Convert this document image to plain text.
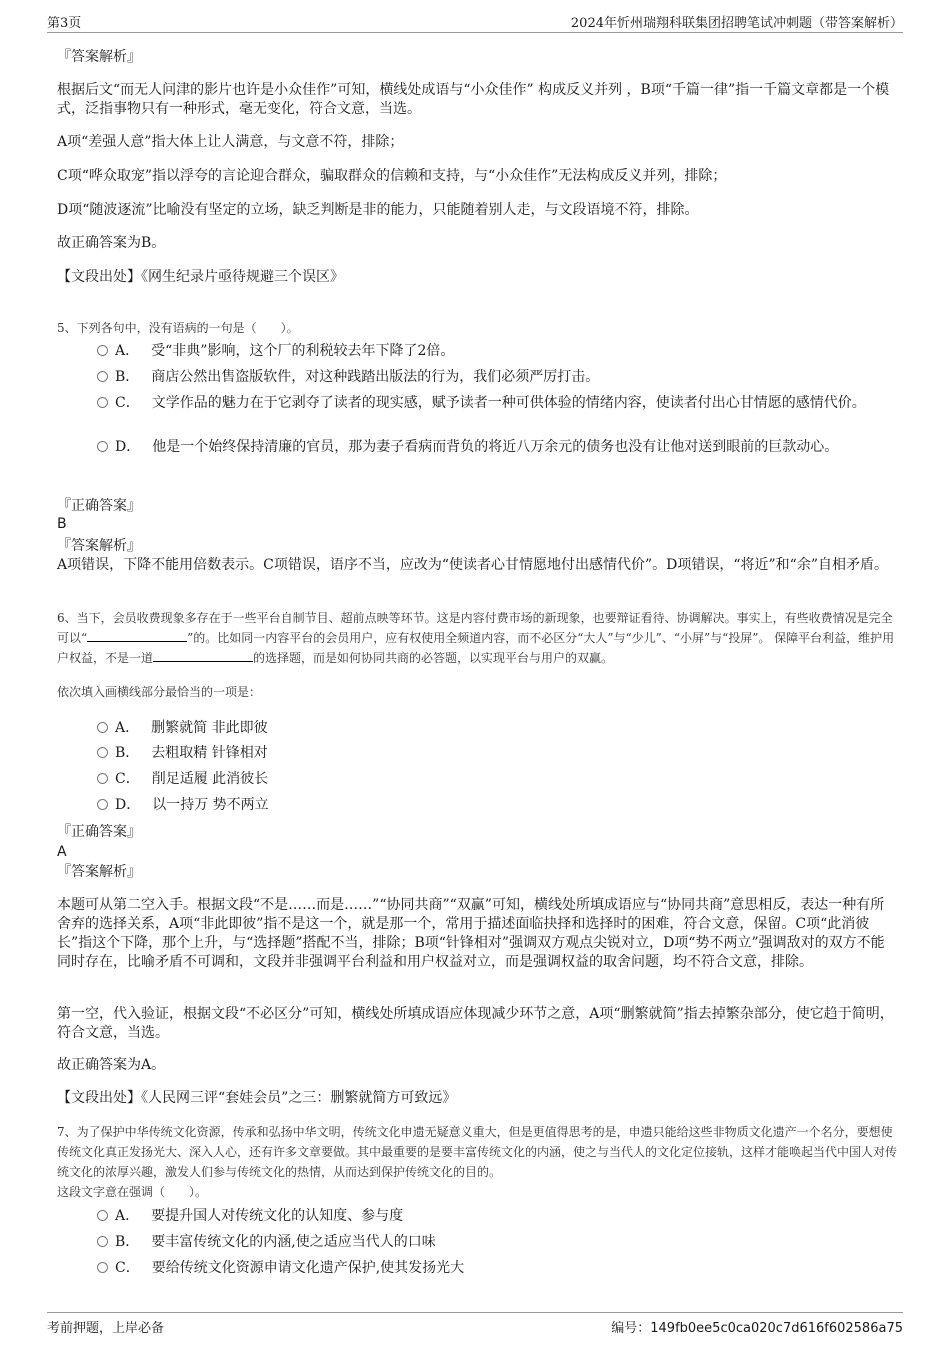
第3页	2024年忻州瑞翔科联集团招聘笔试冲刺题（带答案解析）
『答案解析』
根据后文“而无人问津的影片也许是小众佳作”可知，横线处成语与“小众佳作” 构成反义并列 ，B项“千篇一律”指一千篇文章都是一个模式，泛指事物只有一种形式，毫无变化，符合文意，当选。
A项“差强人意”指大体上让人满意，与文意不符，排除；
C项“哗众取宠”指以浮夸的言论迎合群众，骗取群众的信赖和支持，与“小众佳作”无法构成反义并列，排除；
D项“随波逐流”比喻没有坚定的立场，缺乏判断是非的能力，只能随着别人走，与文段语境不符，排除。
故正确答案为B。
【文段出处】《网生纪录片亟待规避三个误区》
5、下列各句中，没有语病的一句是（　　）。
A． 受“非典”影响，这个厂的利税较去年下降了2倍。
B． 商店公然出售盗版软件，对这种践踏出版法的行为，我们必须严厉打击。
C． 文学作品的魅力在于它剥夺了读者的现实感，赋予读者一种可供体验的情绪内容，使读者付出心甘情愿的感情代价。
D． 他是一个始终保持清廉的官员，那为妻子看病而背负的将近八万余元的债务也没有让他对送到眼前的巨款动心。
『正确答案』
B
『答案解析』
A项错误，下降不能用倍数表示。C项错误，语序不当，应改为“使读者心甘情愿地付出感情代价”。D项错误，“将近”和“余”自相矛盾。
6、当下，会员收费现象多存在于一些平台自制节目、超前点映等环节。这是内容付费市场的新现象，也要辩证看待、协调解决。事实上，有些收费情况是完全可以“	”的。比如同一内容平台的会员用户，应有权使用全频道内容，而不必区分“大人”与“少儿”、“小屏”与“投屏”。 保障平台利益，维护用户权益，不是一道	的选择题，而是如何协同共商的必答题，以实现平台与用户的双赢。
依次填入画横线部分最恰当的一项是：
A． 删繁就简 非此即彼
B． 去粗取精 针锋相对
C． 削足适履 此消彼长
D． 以一持万 势不两立
『正确答案』
A
『答案解析』
本题可从第二空入手。根据文段“不是……而是……”“协同共商”“双赢”可知，横线处所填成语应与“协同共商”意思相反，表达一种有所舍弃的选择关系，A项“非此即彼”指不是这一个，就是那一个，常用于描述面临抉择和选择时的困难，符合文意，保留。C项“此消彼长”指这个下降，那个上升，与“选择题”搭配不当，排除；B项“针锋相对”强调双方观点尖锐对立，D项“势不两立”强调敌对的双方不能同时存在，比喻矛盾不可调和，文段并非强调平台利益和用户权益对立，而是强调权益的取舍问题，均不符合文意，排除。
第一空，代入验证，根据文段“不必区分”可知，横线处所填成语应体现减少环节之意，A项“删繁就简”指去掉繁杂部分，使它趋于简明，符合文意，当选。
故正确答案为A。
【文段出处】《人民网三评“套娃会员”之三：删繁就简方可致远》
7、为了保护中华传统文化资源，传承和弘扬中华文明，传统文化申遗无疑意义重大，但是更值得思考的是，申遗只能给这些非物质文化遗产一个名分，要想使传统文化真正发扬光大、深入人心，还有许多文章要做。其中最重要的是要丰富传统文化的内涵，使之与当代人的文化定位接轨，这样才能唤起当代中国人对传统文化的浓厚兴趣，激发人们参与传统文化的热情，从而达到保护传统文化的目的。
这段文字意在强调（　　）。
A． 要提升国人对传统文化的认知度、参与度
B． 要丰富传统文化的内涵,使之适应当代人的口味
C． 要给传统文化资源申请文化遗产保护,使其发扬光大
考前押题，上岸必备	编号：149fb0ee5c0ca020c7d616f602586a75
